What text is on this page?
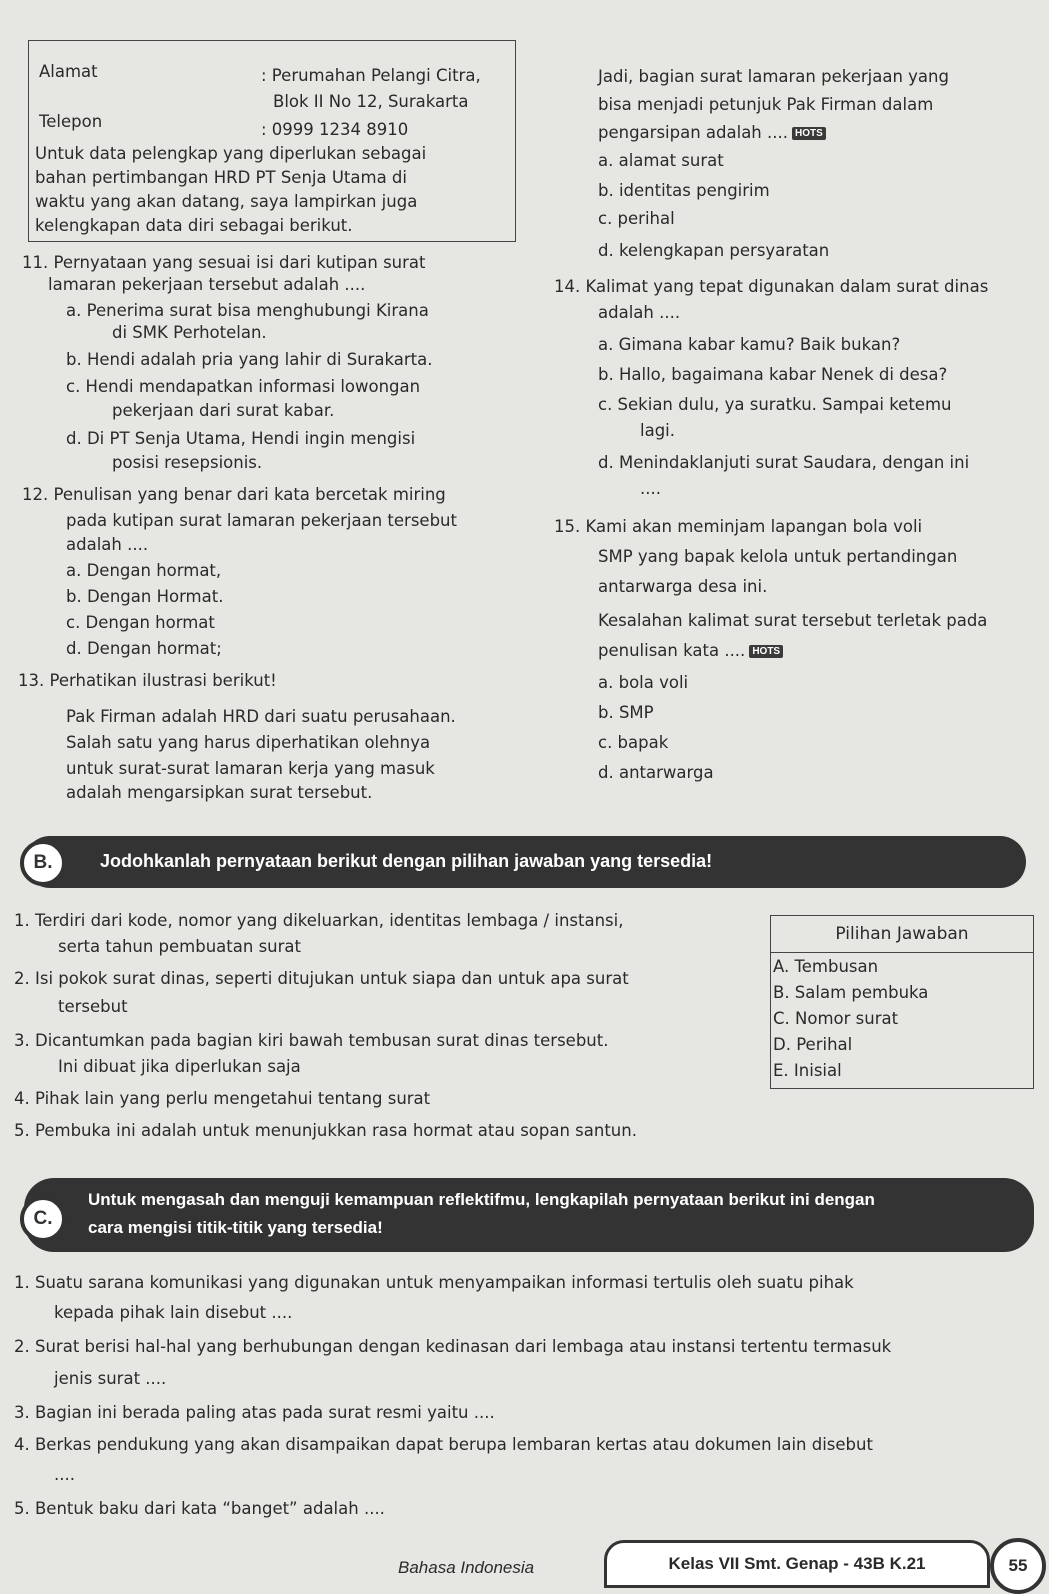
Alamat	: Perumahan Pelangi Citra,
Blok II No 12, Surakarta
Telepon	: 0999 1234 8910
Untuk data pelengkap yang diperlukan sebagai
bahan pertimbangan HRD PT Senja Utama di
waktu yang akan datang, saya lampirkan juga
kelengkapan data diri sebagai berikut.
11. Pernyataan yang sesuai isi dari kutipan surat
lamaran pekerjaan tersebut adalah ....
a. Penerima surat bisa menghubungi Kirana
di SMK Perhotelan.
b. Hendi adalah pria yang lahir di Surakarta.
c. Hendi mendapatkan informasi lowongan
pekerjaan dari surat kabar.
d. Di PT Senja Utama, Hendi ingin mengisi
posisi resepsionis.
12. Penulisan yang benar dari kata bercetak miring
pada kutipan surat lamaran pekerjaan tersebut
adalah ....
a. Dengan hormat,
b. Dengan Hormat.
c. Dengan hormat
d. Dengan hormat;
13. Perhatikan ilustrasi berikut!
Pak Firman adalah HRD dari suatu perusahaan.
Salah satu yang harus diperhatikan olehnya
untuk surat-surat lamaran kerja yang masuk
adalah mengarsipkan surat tersebut.
Jadi, bagian surat lamaran pekerjaan yang
bisa menjadi petunjuk Pak Firman dalam
pengarsipan adalah .... HOTS
a. alamat surat
b. identitas pengirim
c. perihal
d. kelengkapan persyaratan
14. Kalimat yang tepat digunakan dalam surat dinas
adalah ....
a. Gimana kabar kamu? Baik bukan?
b. Hallo, bagaimana kabar Nenek di desa?
c. Sekian dulu, ya suratku. Sampai ketemu
lagi.
d. Menindaklanjuti surat Saudara, dengan ini
....
15. Kami akan meminjam lapangan bola voli
SMP yang bapak kelola untuk pertandingan
antarwarga desa ini.
Kesalahan kalimat surat tersebut terletak pada
penulisan kata .... HOTS
a. bola voli
b. SMP
c. bapak
d. antarwarga
Jodohkanlah pernyataan berikut dengan pilihan jawaban yang tersedia!
B.
1. Terdiri dari kode, nomor yang dikeluarkan, identitas lembaga / instansi,
serta tahun pembuatan surat
2. Isi pokok surat dinas, seperti ditujukan untuk siapa dan untuk apa surat
tersebut
3. Dicantumkan pada bagian kiri bawah tembusan surat dinas tersebut.
Ini dibuat jika diperlukan saja
4. Pihak lain yang perlu mengetahui tentang surat
5. Pembuka ini adalah untuk menunjukkan rasa hormat atau sopan santun.
Pilihan Jawaban
A. Tembusan
B. Salam pembuka
C. Nomor surat
D. Perihal
E. Inisial
Untuk mengasah dan menguji kemampuan reflektifmu, lengkapilah pernyataan berikut ini dengan
cara mengisi titik-titik yang tersedia!
C.
1. Suatu sarana komunikasi yang digunakan untuk menyampaikan informasi tertulis oleh suatu pihak
kepada pihak lain disebut ....
2. Surat berisi hal-hal yang berhubungan dengan kedinasan dari lembaga atau instansi tertentu termasuk
jenis surat ....
3. Bagian ini berada paling atas pada surat resmi yaitu ....
4. Berkas pendukung yang akan disampaikan dapat berupa lembaran kertas atau dokumen lain disebut
....
5. Bentuk baku dari kata “banget” adalah ....
Bahasa Indonesia	Kelas VII Smt. Genap - 43B K.21	55
